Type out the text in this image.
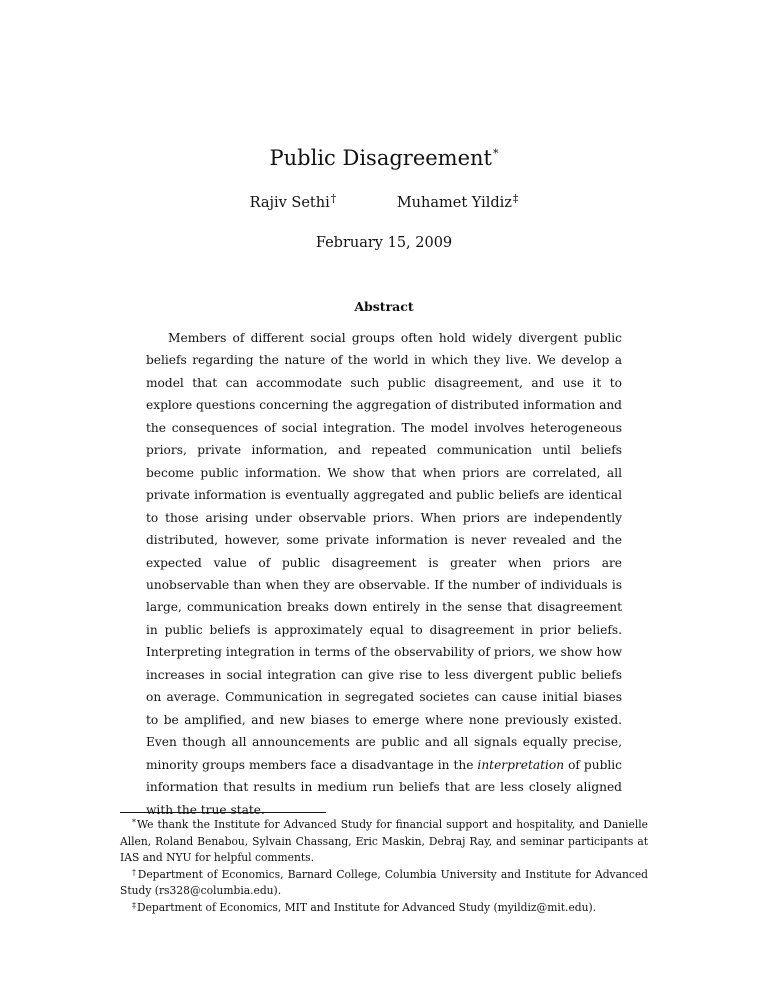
Public Disagreement*
Rajiv Sethi†	Muhamet Yildiz‡
February 15, 2009
Abstract

Members of different social groups often hold widely divergent public beliefs regarding the nature of the world in which they live. We develop a model that can accommodate such public disagreement, and use it to explore questions concerning the aggregation of distributed information and the consequences of social integration. The model involves heterogeneous priors, private information, and repeated communication until beliefs become public information. We show that when priors are correlated, all private information is eventually aggregated and public beliefs are identical to those arising under observable priors. When priors are independently distributed, however, some private information is never revealed and the expected value of public disagreement is greater when priors are unobservable than when they are observable. If the number of individuals is large, communication breaks down entirely in the sense that disagreement in public beliefs is approximately equal to disagreement in prior beliefs. Interpreting integration in terms of the observability of priors, we show how increases in social integration can give rise to less divergent public beliefs on average. Communication in segregated societes can cause initial biases to be amplified, and new biases to emerge where none previously existed. Even though all announcements are public and all signals equally precise, minority groups members face a disadvantage in the interpretation of public information that results in medium run beliefs that are less closely aligned with the true state.

*We thank the Institute for Advanced Study for financial support and hospitality, and Danielle Allen, Roland Benabou, Sylvain Chassang, Eric Maskin, Debraj Ray, and seminar participants at IAS and NYU for helpful comments.

†Department of Economics, Barnard College, Columbia University and Institute for Advanced Study (rs328@columbia.edu).

‡Department of Economics, MIT and Institute for Advanced Study (myildiz@mit.edu).
